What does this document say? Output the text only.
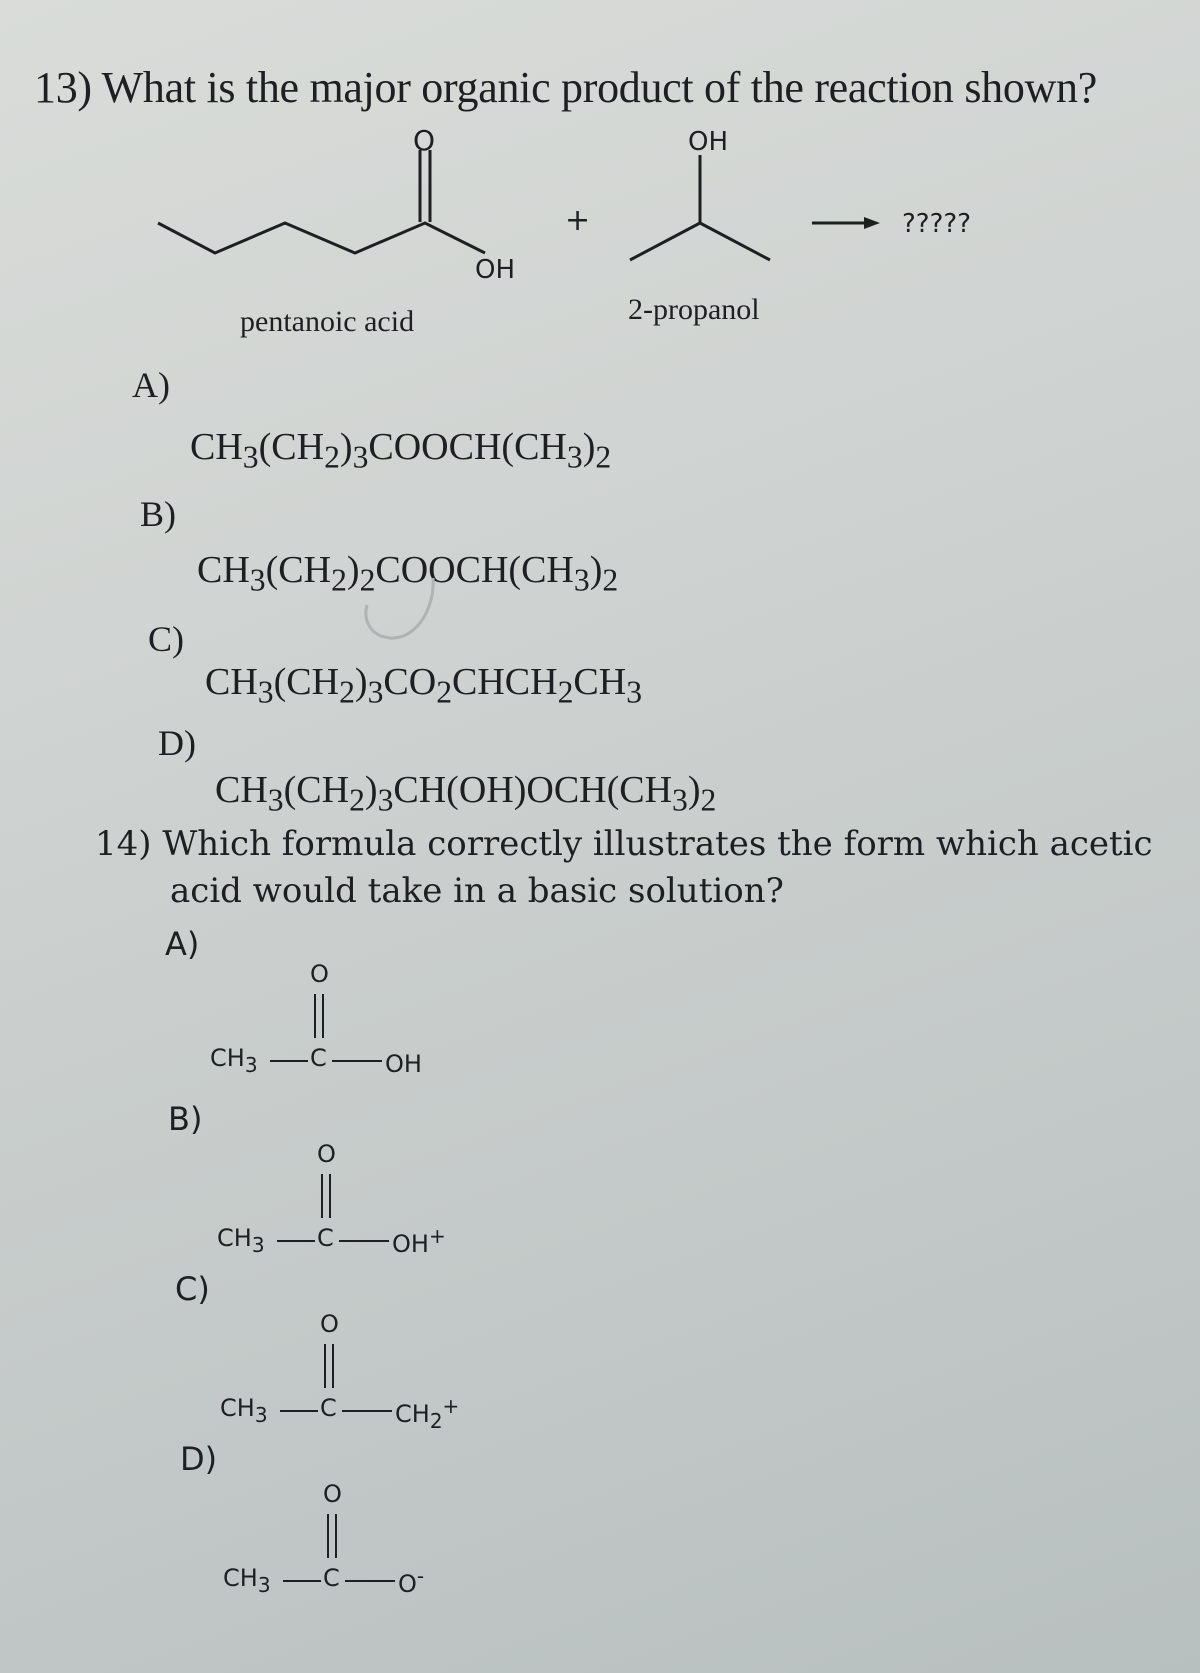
13) What is the major organic product of the reaction shown?
O
OH
+
OH
?????
pentanoic acid	2-propanol
A)
$CH_3(CH_2)_3COOCH(CH_3)_2$
B)
$CH_3(CH_2)_2COOCH(CH_3)_2$
C)
$CH_3(CH_2)_3CO_2CHCH_2CH_3$
D)
$CH_3(CH_2)_3CH(OH)OCH(CH_3)_2$
14) Which formula correctly illustrates the form which acetic
acid would take in a basic solution?
A)
O
$CH_3$ C OH
B)
O
$CH_3$ C OH+
C)
O
$CH_3$ C $CH_2^+$
D)
O
$CH_3$ C O-
